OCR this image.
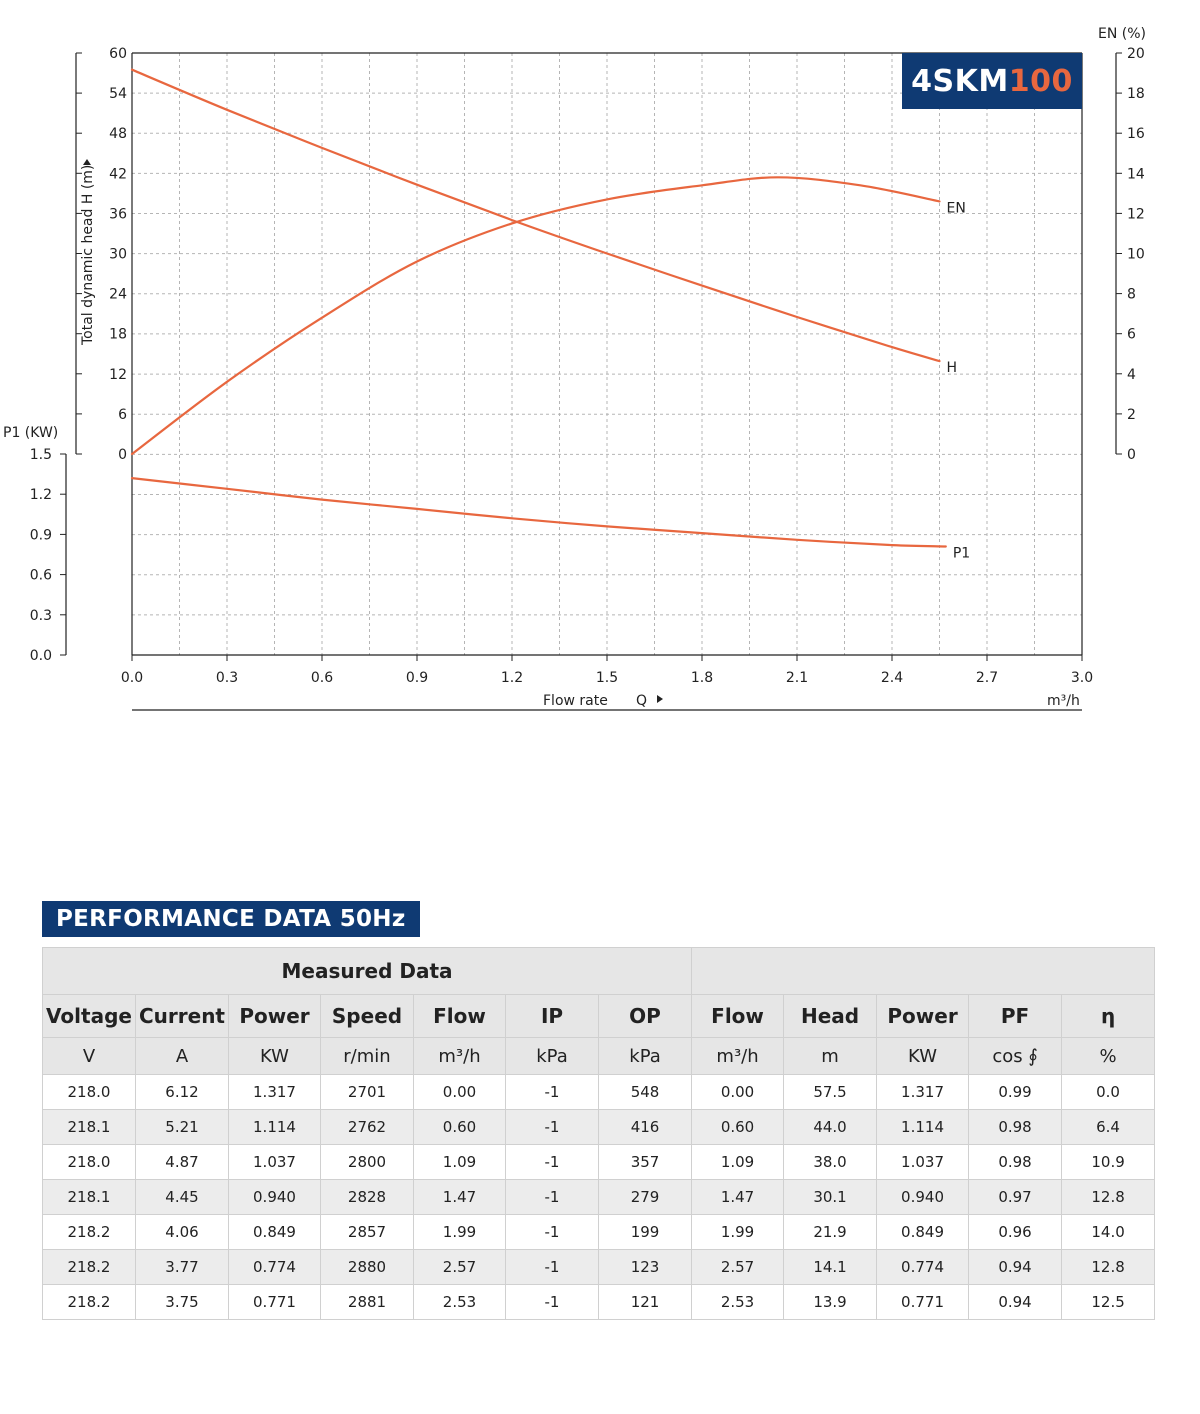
Total dynamic head H (m)
P1 (KW)
EN (%)
Flow rate Q	m³/h
0.0	0.3	0.6	0.9	1.2	1.5	1.8	2.1	2.4	2.7	3.0
0
6
12
18
24
30
36
42
48
54
60
0
2
4
6
8
10
12
14
16
18
20
0.0
0.3
0.6
0.9
1.2
1.5
H
EN
P1
4SKM 100
PERFORMANCE DATA 50Hz
Measured Data											
Voltage	Current	Power	Speed	Flow	IP	OP	Flow	Head	Power	PF	η
V	A	KW	r/min	m³/h	kPa	kPa	m³/h	m	KW	cos ∮	%
218.0	6.12	1.317	2701	0.00	-1	548	0.00	57.5	1.317	0.99	0.0
218.1	5.21	1.114	2762	0.60	-1	416	0.60	44.0	1.114	0.98	6.4
218.0	4.87	1.037	2800	1.09	-1	357	1.09	38.0	1.037	0.98	10.9
218.1	4.45	0.940	2828	1.47	-1	279	1.47	30.1	0.940	0.97	12.8
218.2	4.06	0.849	2857	1.99	-1	199	1.99	21.9	0.849	0.96	14.0
218.2	3.77	0.774	2880	2.57	-1	123	2.57	14.1	0.774	0.94	12.8
218.2	3.75	0.771	2881	2.53	-1	121	2.53	13.9	0.771	0.94	12.5
